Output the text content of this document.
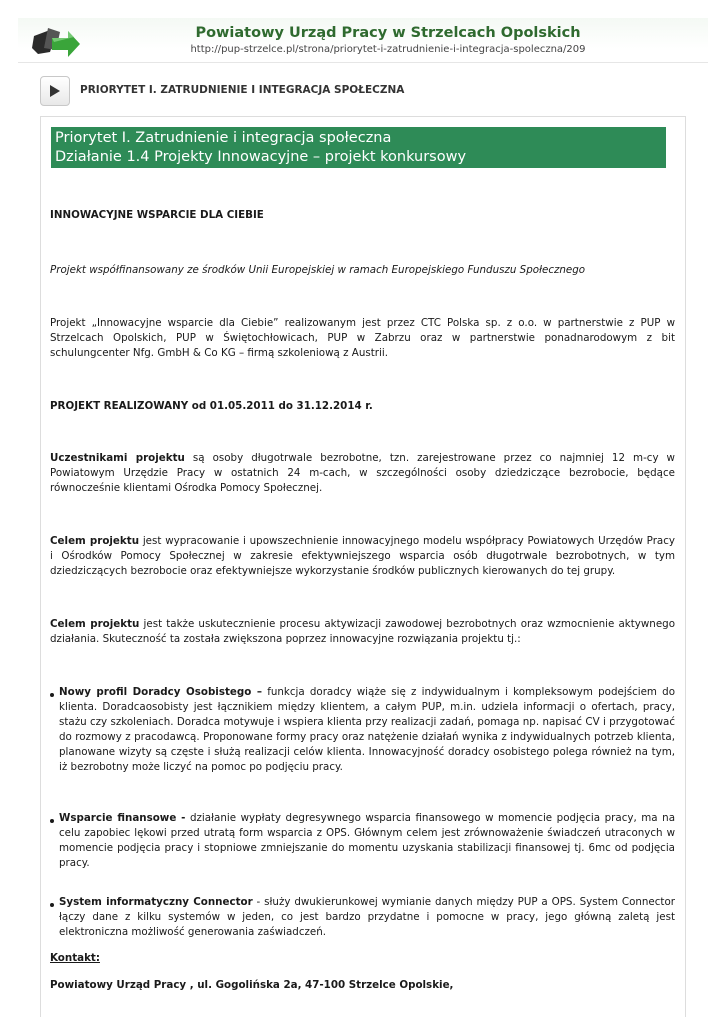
Powiatowy Urząd Pracy w Strzelcach Opolskich
http://pup-strzelce.pl/strona/priorytet-i-zatrudnienie-i-integracja-spoleczna/209
PRIORYTET I. ZATRUDNIENIE I INTEGRACJA SPOŁECZNA
Priorytet I. Zatrudnienie i integracja społeczna
Działanie 1.4 Projekty Innowacyjne – projekt konkursowy

INNOWACYJNE WSPARCIE DLA CIEBIE

Projekt współfinansowany ze środków Unii Europejskiej w ramach Europejskiego Funduszu Społecznego

Projekt „Innowacyjne wsparcie dla Ciebie” realizowanym jest przez CTC Polska sp. z o.o. w partnerstwie z PUP w Strzelcach Opolskich, PUP w Świętochłowicach, PUP w Zabrzu oraz w partnerstwie ponadnarodowym z bit schulungcenter Nfg. GmbH & Co KG – firmą szkoleniową z Austrii.

PROJEKT REALIZOWANY od 01.05.2011 do 31.12.2014 r.

Uczestnikami projektu są osoby długotrwale bezrobotne, tzn. zarejestrowane przez co najmniej 12 m-cy w Powiatowym Urzędzie Pracy w ostatnich 24 m-cach, w szczególności osoby dziedziczące bezrobocie, będące równocześnie klientami Ośrodka Pomocy Społecznej.

Celem projektu jest wypracowanie i upowszechnienie innowacyjnego modelu współpracy Powiatowych Urzędów Pracy i Ośrodków Pomocy Społecznej w zakresie efektywniejszego wsparcia osób długotrwale bezrobotnych, w tym dziedziczących bezrobocie oraz efektywniejsze wykorzystanie środków publicznych kierowanych do tej grupy.

Celem projektu jest także uskutecznienie procesu aktywizacji zawodowej bezrobotnych oraz wzmocnienie aktywnego działania. Skuteczność ta została zwiększona poprzez innowacyjne rozwiązania projektu tj.:

Nowy profil Doradcy Osobistego – funkcja doradcy wiąże się z indywidualnym i kompleksowym podejściem do klienta. Doradcaosobisty jest łącznikiem między klientem, a całym PUP, m.in. udziela informacji o ofertach, pracy, stażu czy szkoleniach. Doradca motywuje i wspiera klienta przy realizacji zadań, pomaga np. napisać CV i przygotować do rozmowy z pracodawcą. Proponowane formy pracy oraz natężenie działań wynika z indywidualnych potrzeb klienta, planowane wizyty są częste i służą realizacji celów klienta. Innowacyjność doradcy osobistego polega również na tym, iż bezrobotny może liczyć na pomoc po podjęciu pracy.
Wsparcie finansowe - działanie wypłaty degresywnego wsparcia finansowego w momencie podjęcia pracy, ma na celu zapobiec lękowi przed utratą form wsparcia z OPS. Głównym celem jest zrównoważenie świadczeń utraconych w momencie podjęcia pracy i stopniowe zmniejszanie do momentu uzyskania stabilizacji finansowej tj. 6mc od podjęcia pracy.
System informatyczny Connector - służy dwukierunkowej wymianie danych między PUP a OPS. System Connector łączy dane z kilku systemów w jeden, co jest bardzo przydatne i pomocne w pracy, jego główną zaletą jest elektroniczna możliwość generowania zaświadczeń.

Kontakt:

Powiatowy Urząd Pracy , ul. Gogolińska 2a, 47-100 Strzelce Opolskie,
